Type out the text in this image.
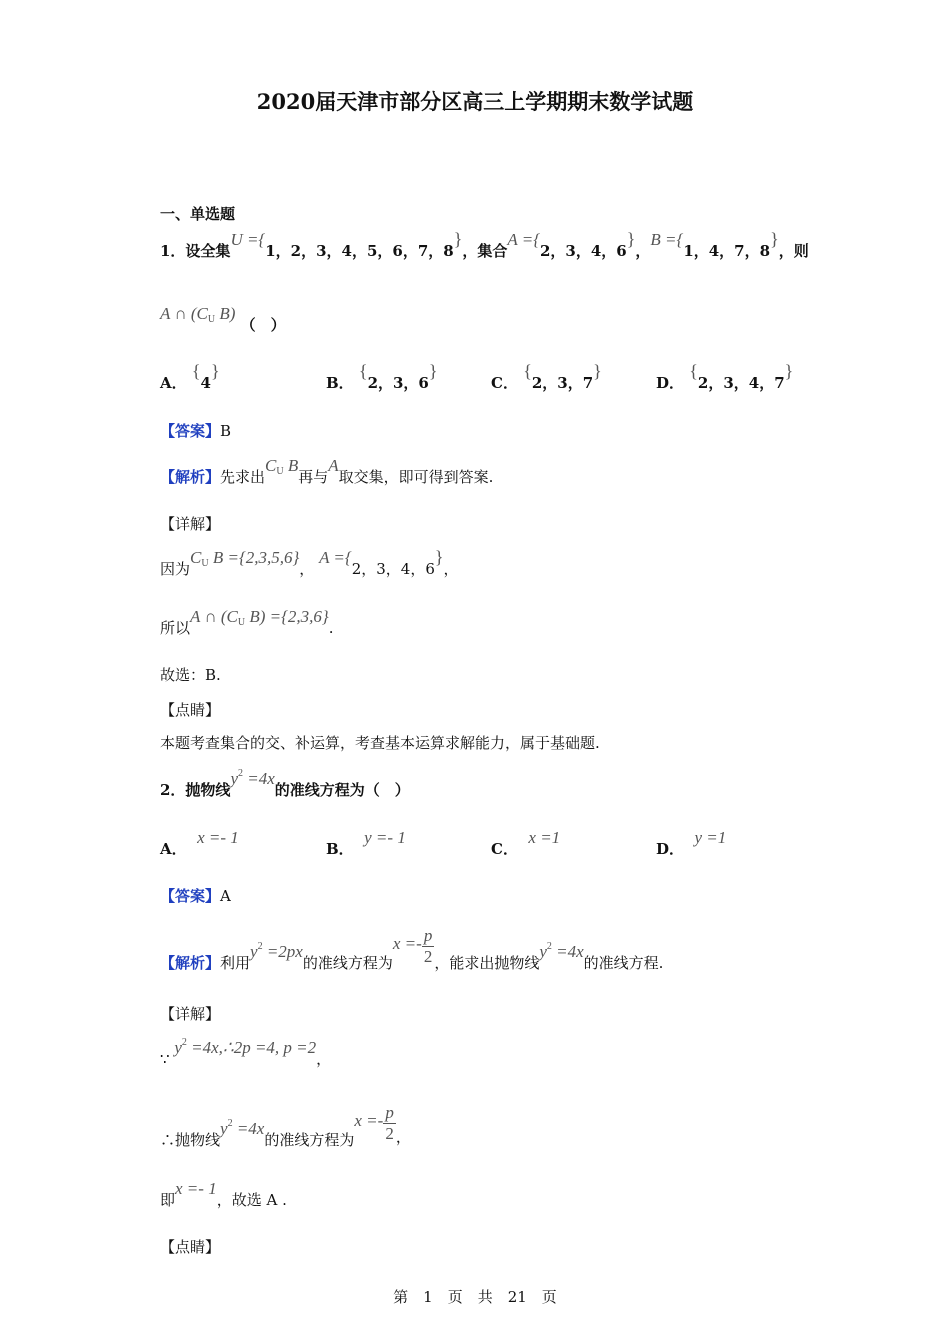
2020届天津市部分区高三上学期期末数学试题
一、单选题
1．设全集U ={1，2，3，4，5，6，7，8}，集合A ={2，3，4，6}，B ={1，4，7，8}，则
A ∩ ($C_U$ B) （　）
A． {4}
B． {2，3，6}
C． {2，3，7}
D． {2，3，4，7}
【答案】B
【解析】先求出$C_U$ B再与A取交集，即可得到答案.
【详解】
因为$C_U$ B ={2,3,5,6}， A ={2，3，4，6}，
所以A ∩ ($C_U$ B) ={2,3,6}.
故选：B.
【点睛】
本题考查集合的交、补运算，考查基本运算求解能力，属于基础题.
2．抛物线$y^2 =4x$的准线方程为（　）
A．  x =- 1
B．  y =- 1
C．  x =1
D．  y =1
【答案】A
【解析】利用$y^2 =2px$的准线方程为$x =- \frac{p}{2}$ ，能求出抛物线$y^2 =4x$的准线方程.
【详解】
∵ $y^2$ =4x,∴2p =4, p =2，
∴抛物线$y^2 =4x$的准线方程为$x =- \frac{p}{2}$ ，
即x =- 1，故选 A .
【点睛】
第　1　页　共　21　页
